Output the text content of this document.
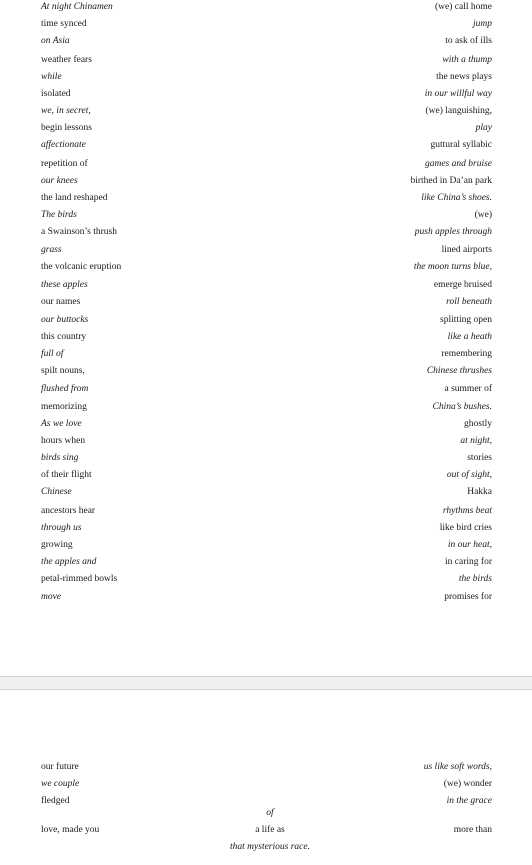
At night Chinamen
time synced
on Asia
weather fears
while
isolated
we, in secret,
begin lessons
affectionate
repetition of
our knees
the land reshaped
The birds
a Swainson’s thrush
grass
the volcanic eruption
these apples
our names
our buttocks
this country
full of
spilt nouns,
flushed from
memorizing
As we love
hours when
birds sing
of their flight
Chinese
ancestors hear
through us
growing
the apples and
petal-rimmed bowls
move
(we) call home
jump
to ask of ills
with a thump
the news plays
in our willful way
(we) languishing,
play
guttural syllabic
games and bruise
birthed in Da’an park
like China’s shoes.
(we)
push apples through
lined airports
the moon turns blue,
emerge bruised
roll beneath
splitting open
like a heath
remembering
Chinese thrushes
a summer of
China’s bushes.
ghostly
at night,
stories
out of sight,
Hakka
rhythms beat
like bird cries
in our heat,
in caring for
the birds
promises for
our future
we couple
fledged
love, made you
of
a life as
that mysterious race.
us like soft words,
(we) wonder
in the grace
more than
